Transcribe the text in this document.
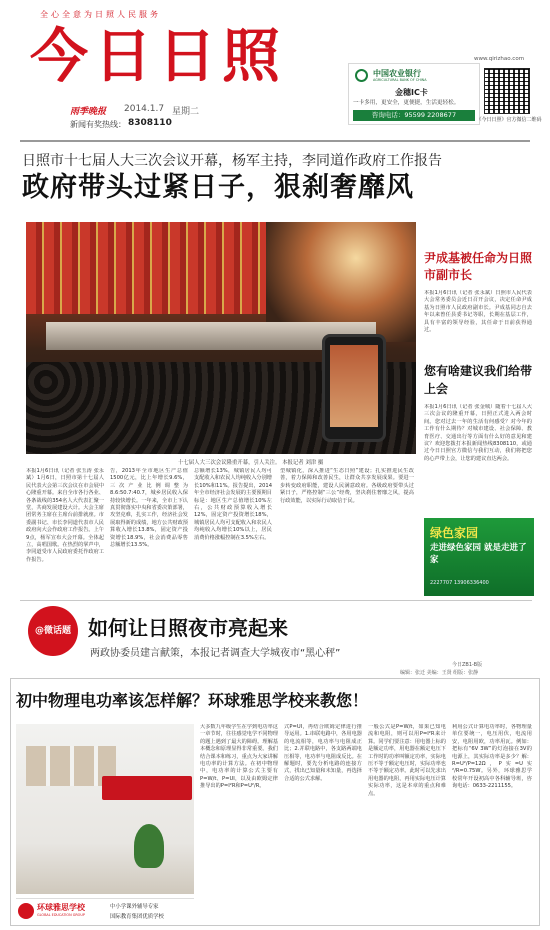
全心全意为日照人民服务
今日日照
雨季晚报 2014.1.7 星期二
新闻有奖热线： 8308110
中国农业银行
AGRICULTURAL BANK OF CHINA
金穗IC卡
一卡多用，更安全，更便捷，生活更轻松。
咨询电话：95599 2208677
www.qirizhao.com
《今日日照》官方微信二维码
日照市十七届人大三次会议开幕，杨军主持，李同道作政府工作报告
政府带头过紧日子，狠刹奢靡风
十七届人大三次会议隆重开幕，引人关注。 本报记者 刘津 摄
本报1月6日讯（记者 张玉涛 张永斌）1月6日，日照市第十七届人民代表大会第三次会议在市会展中心隆重开幕。来自全市各行各业、各条战线的354名人大代表汇聚一堂，共商发展建设大计。大会主席团常务主席在主席台前排就座。市委副书记、市长李同道代表市人民政府向大会作政府工作报告。上午9点，杨军宣布大会开幕。全体起立，高唱国歌。在热烈的掌声中，李同道受市人民政府委托作政府工作报告。
告，2013年全市地区生产总值1500亿元，比上年增长9.6%，三次产业比例调整为8.6:50.7:40.7，城乡居民收入保持较快增长。一年来，全市上下认真贯彻落实中央和省委决策部署，攻坚克难，扎实工作，经济社会发展取得新的成绩，地方公共财政预算收入增长13.8%，固定资产投资增长18.9%，社会消费品零售总额增长13.5%。
总额增长13%，城镇居民人均可支配收入和农民人均纯收入分别增长10%和11%。报告提出，2014年全市经济社会发展的主要预期目标是：地区生产总值增长10%左右，公共财政预算收入增长12%，固定资产投资增长18%，城镇居民人均可支配收入和农民人均纯收入均增长10%以上，居民消费价格涨幅控制在3.5%左右。
型城镇化，深入推进“生态日照”建设；扎实推进民生改善，着力保障和改善民生，让群众共享发展成果。要进一步转变政府职能，建设人民满意政府。各级政府要带头过紧日子，严格控制“三公”经费，坚决刹住奢靡之风，提高行政效能，以实际行动取信于民。
尹成基被任命为日照市副市长
本报1月6日讯（记者 张永斌）日照市人民代表大会常务委员会近日召开会议，决定任命尹成基为日照市人民政府副市长。尹成基同志自去年以来曾任县委书记等职，长期在基层工作，具有丰富的领导经验，其任命于日前获得通过。
您有啥建议我们给带上会
本报1月6日讯（记者 张金城）随着十七届人大三次会议的隆重开幕，日照正式进入两会时间。您对过去一年的生活有何感受？对今年的工作有什么期待？对城市建设、社会保障、教育医疗、交通出行等方面有什么好的意见和建议？欢迎您拨打本报新闻热线8308110，或通过今日日照官方微信与我们互动，我们将把您的心声带上会，让您的建议直达两会。
绿色家园
走进绿色家园 就是走进了家
2227707 13906336400
@微话题 如何让日照夜市亮起来
两政协委员建言献策，本报记者调查大学城夜市“黑心秤”
今日ZB1-B版
编辑：张迁 美编：王贤 组版：张静
初中物理电功率该怎样解？环球雅思学校来教您！
环球雅思学校
GLOBAL EDUCATION GROUP
中小学课外辅导专家
国际教育集团优质学校
大多数九年级学生在学到电功率这一章节时，往往感觉电学不同物理的题上遇到了最大的障碍。理解基本概念和原理显得非常重要。我们结合课本和练习，重点为大家讲解电功率的计算方法。在初中物理中，电功率的计算公式主要有P=W/t、P=UI，以及由欧姆定律推导出的P=I²R和P=U²/R。
式P=UI，再结合欧姆定律进行推导运用。1.串联电路中，各用电器的电流相等，电功率与电阻成正比；2.并联电路中，各支路两端电压相等，电功率与电阻成反比。在解题时，要先分析电路的连接方式，找出已知量和未知量，再选择合适的公式求解。
一般公式是P=W/t，如果已知电流和电阻，则可以用P=I²R来计算。同学们要注意：用电器上标的是额定功率，用电器在额定电压下工作时的功率叫额定功率，实际电压不等于额定电压时，实际功率也不等于额定功率。此时可以先求出用电器的电阻，再用实际电压计算实际功率，这是本章的重点和难点。
利用公式计算电功率时，各物理量单位要统一，电压用伏，电流用安，电阻用欧，功率用瓦。例如：把标有“6V 3W”的灯泡接在3V的电源上，其实际功率是多少？解：R=U²/P=12Ω，P实=U实²/R=0.75W。另外，环球雅思学校常年开设初高中各科辅导班，咨询电话：0633-2211155。
